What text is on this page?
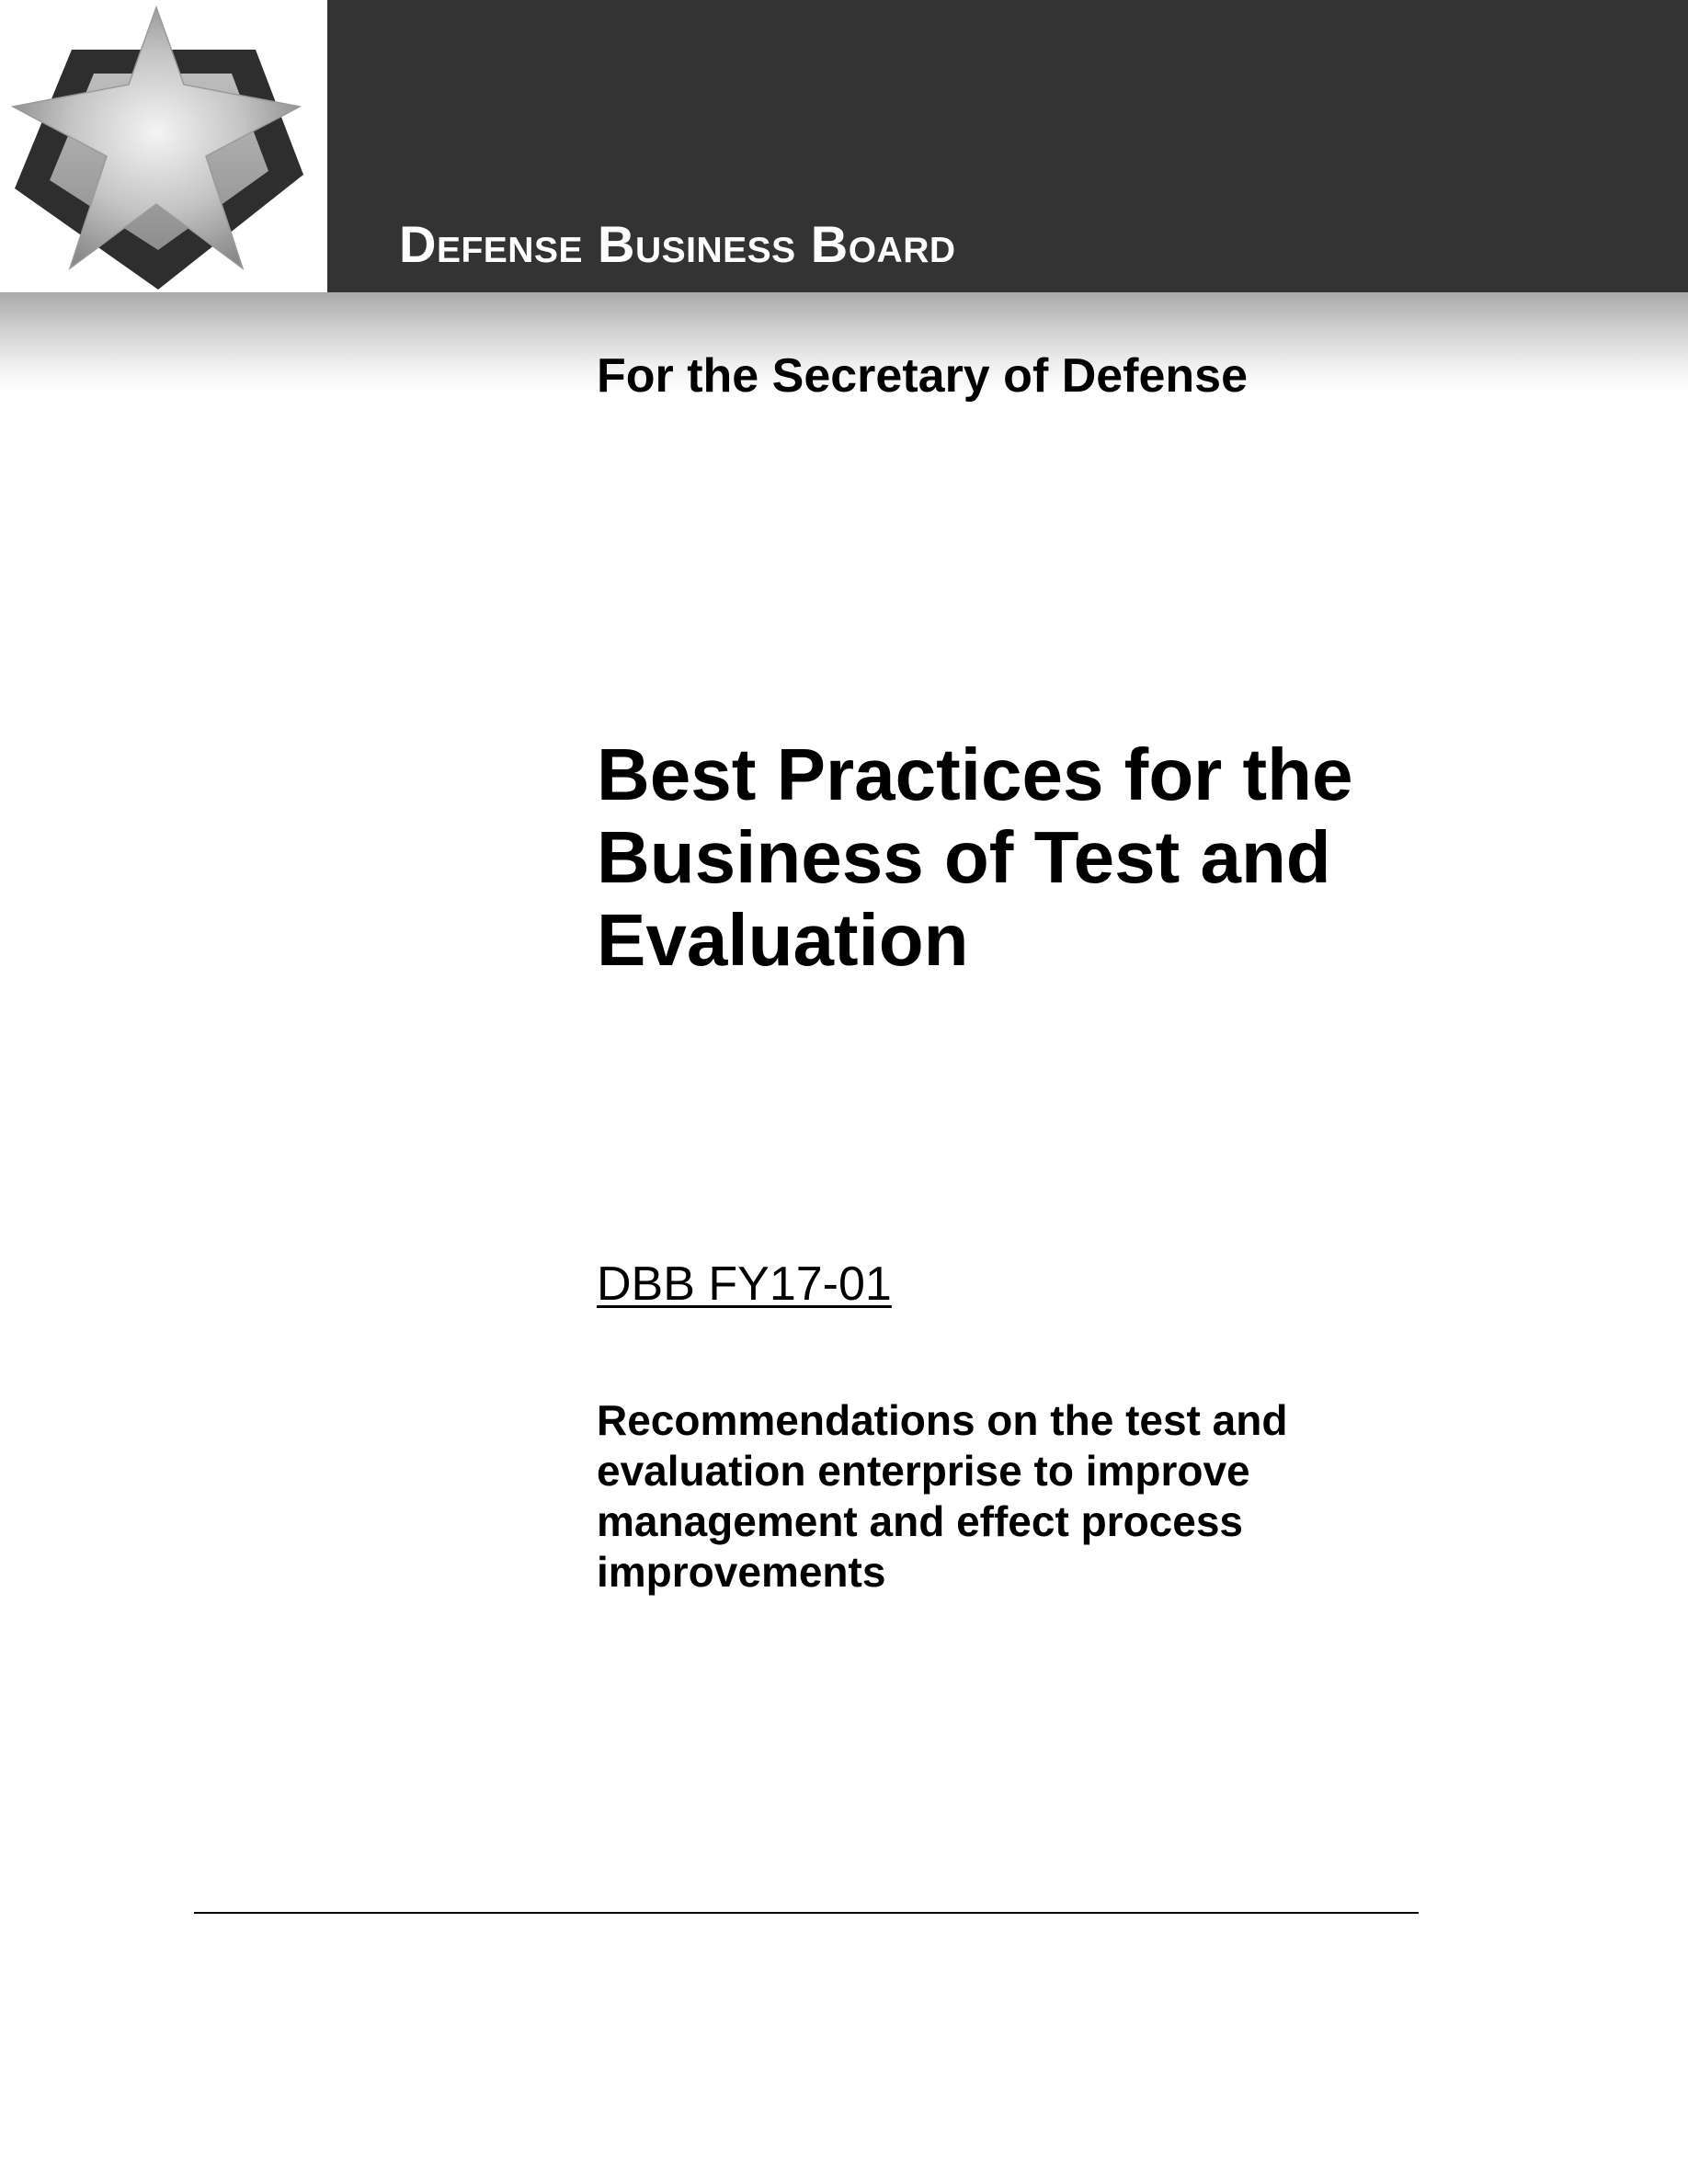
Defense Business Board

For the Secretary of Defense

Best Practices for the Business of Test and Evaluation

DBB FY17-01

Recommendations on the test and evaluation enterprise to improve management and effect process improvements
